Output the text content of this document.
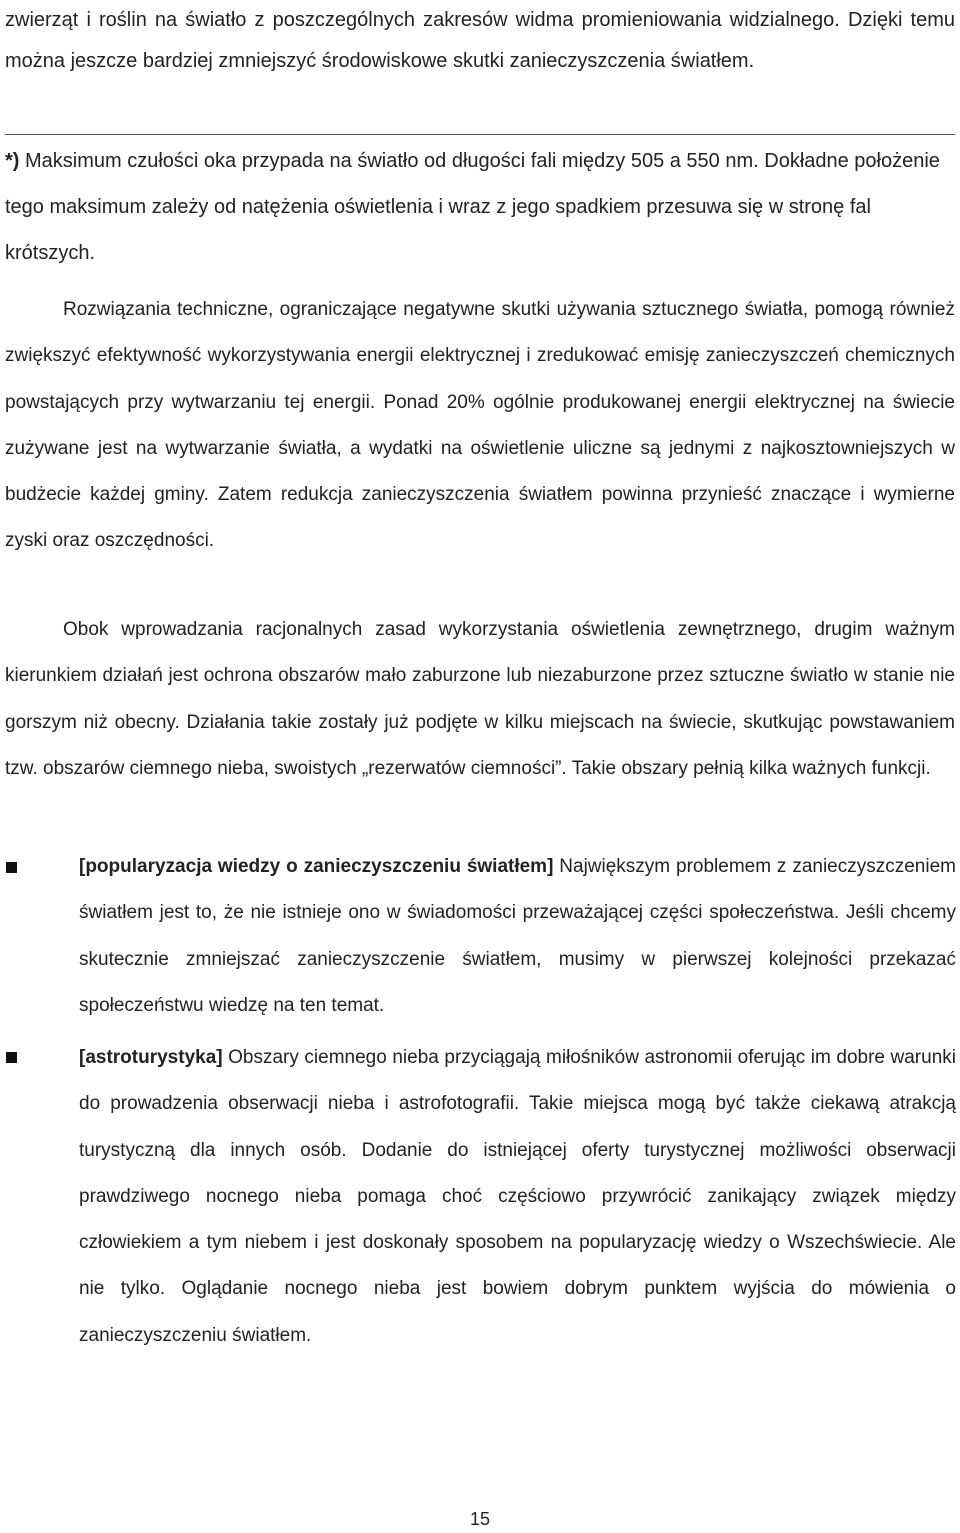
zwierząt i roślin na światło z poszczególnych zakresów widma promieniowania widzialnego. Dzięki temu można jeszcze bardziej zmniejszyć środowiskowe skutki zanieczyszczenia światłem.

*) Maksimum czułości oka przypada na światło od długości fali między 505 a 550 nm. Dokładne położenie tego maksimum zależy od natężenia oświetlenia i wraz z jego spadkiem przesuwa się w stronę fal krótszych.

Rozwiązania techniczne, ograniczające negatywne skutki używania sztucznego światła, pomogą również zwiększyć efektywność wykorzystywania energii elektrycznej i zredukować emisję zanieczyszczeń chemicznych powstających przy wytwarzaniu tej energii. Ponad 20% ogólnie produkowanej energii elektrycznej na świecie zużywane jest na wytwarzanie światła, a wydatki na oświetlenie uliczne są jednymi z najkosztowniejszych w budżecie każdej gminy. Zatem redukcja zanieczyszczenia światłem powinna przynieść znaczące i wymierne zyski oraz oszczędności.

Obok wprowadzania racjonalnych zasad wykorzystania oświetlenia zewnętrznego, drugim ważnym kierunkiem działań jest ochrona obszarów mało zaburzone lub niezaburzone przez sztuczne światło w stanie nie gorszym niż obecny. Działania takie zostały już podjęte w kilku miejscach na świecie, skutkując powstawaniem tzw. obszarów ciemnego nieba, swoistych „rezerwatów ciemności”. Takie obszary pełnią kilka ważnych funkcji.

[popularyzacja wiedzy o zanieczyszczeniu światłem] Największym problemem z zanieczyszczeniem światłem jest to, że nie istnieje ono w świadomości przeważającej części społeczeństwa. Jeśli chcemy skutecznie zmniejszać zanieczyszczenie światłem, musimy w pierwszej kolejności przekazać społeczeństwu wiedzę na ten temat.

[astroturystyka] Obszary ciemnego nieba przyciągają miłośników astronomii oferując im dobre warunki do prowadzenia obserwacji nieba i astrofotografii. Takie miejsca mogą być także ciekawą atrakcją turystyczną dla innych osób. Dodanie do istniejącej oferty turystycznej możliwości obserwacji prawdziwego nocnego nieba pomaga choć częściowo przywrócić zanikający związek między człowiekiem a tym niebem i jest doskonały sposobem na popularyzację wiedzy o Wszechświecie. Ale nie tylko. Oglądanie nocnego nieba jest bowiem dobrym punktem wyjścia do mówienia o zanieczyszczeniu światłem.

15
